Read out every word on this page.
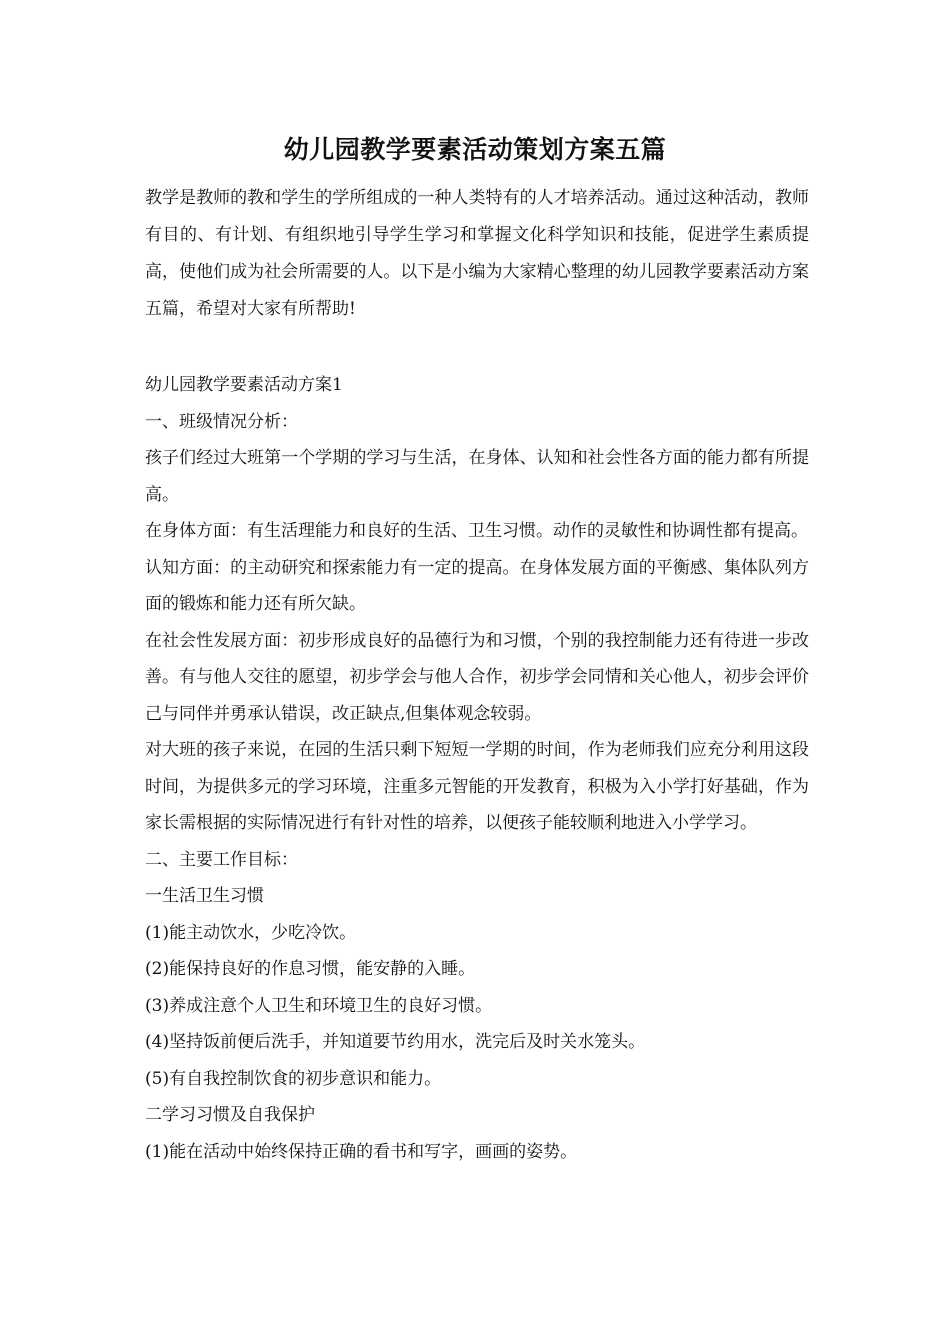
幼儿园教学要素活动策划方案五篇
教学是教师的教和学生的学所组成的一种人类特有的人才培养活动。通过这种活动，教师有目的、有计划、有组织地引导学生学习和掌握文化科学知识和技能，促进学生素质提高，使他们成为社会所需要的人。以下是小编为大家精心整理的幼儿园教学要素活动方案五篇，希望对大家有所帮助!

幼儿园教学要素活动方案1

一、班级情况分析：

孩子们经过大班第一个学期的学习与生活，在身体、认知和社会性各方面的能力都有所提高。

在身体方面：有生活理能力和良好的生活、卫生习惯。动作的灵敏性和协调性都有提高。

认知方面：的主动研究和探索能力有一定的提高。在身体发展方面的平衡感、集体队列方面的锻炼和能力还有所欠缺。

在社会性发展方面：初步形成良好的品德行为和习惯，个别的我控制能力还有待进一步改善。有与他人交往的愿望，初步学会与他人合作，初步学会同情和关心他人，初步会评价己与同伴并勇承认错误，改正缺点,但集体观念较弱。

对大班的孩子来说，在园的生活只剩下短短一学期的时间，作为老师我们应充分利用这段时间，为提供多元的学习环境，注重多元智能的开发教育，积极为入小学打好基础，作为家长需根据的实际情况进行有针对性的培养，以便孩子能较顺利地进入小学学习。

二、主要工作目标：

一生活卫生习惯

(1)能主动饮水，少吃冷饮。

(2)能保持良好的作息习惯，能安静的入睡。

(3)养成注意个人卫生和环境卫生的良好习惯。

(4)坚持饭前便后洗手，并知道要节约用水，洗完后及时关水笼头。

(5)有自我控制饮食的初步意识和能力。

二学习习惯及自我保护

(1)能在活动中始终保持正确的看书和写字，画画的姿势。
